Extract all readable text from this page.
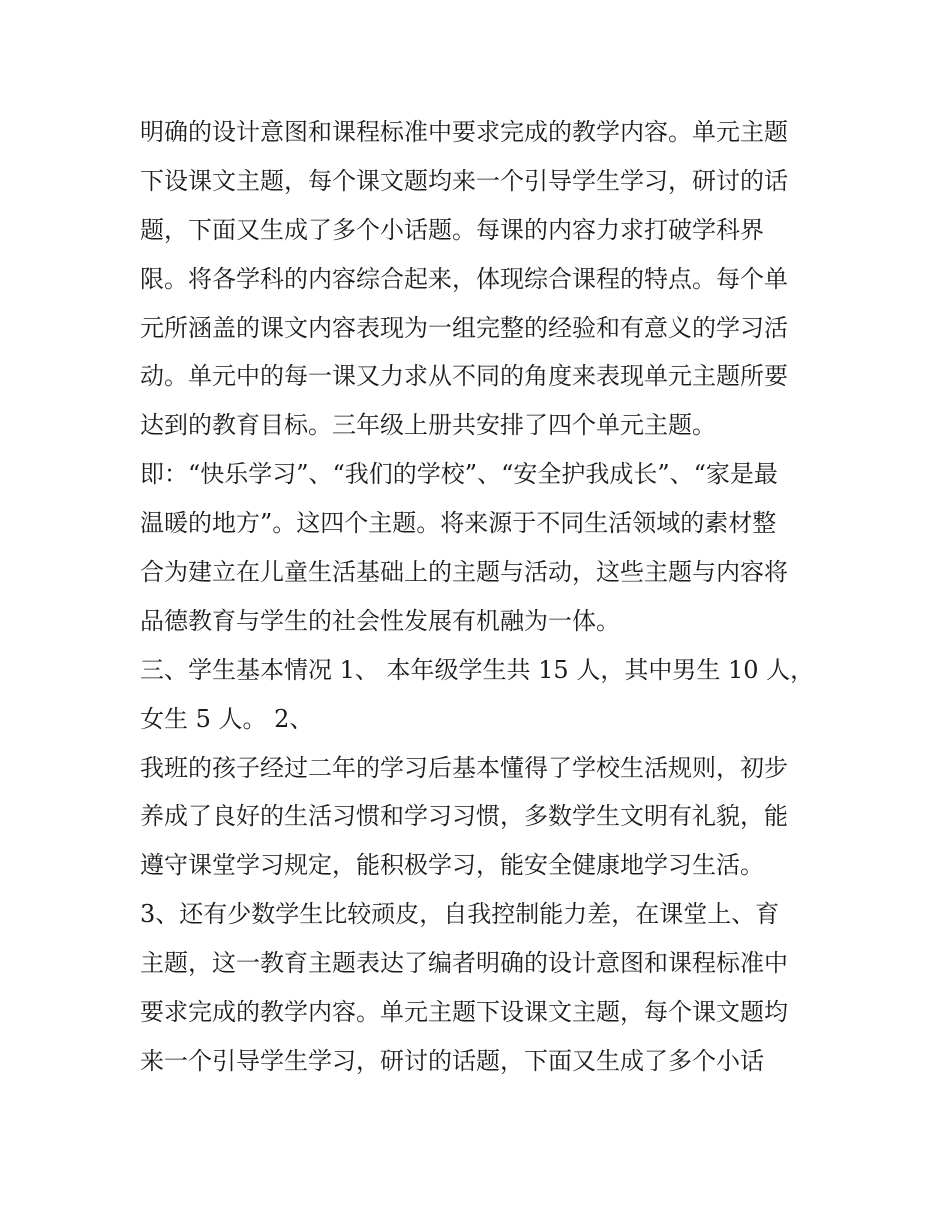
明确的设计意图和课程标准中要求完成的教学内容。单元主题
下设课文主题，每个课文题均来一个引导学生学习，研讨的话
题，下面又生成了多个小话题。每课的内容力求打破学科界
限。将各学科的内容综合起来，体现综合课程的特点。每个单
元所涵盖的课文内容表现为一组完整的经验和有意义的学习活
动。单元中的每一课又力求从不同的角度来表现单元主题所要
达到的教育目标。三年级上册共安排了四个单元主题。
即：“快乐学习”、“我们的学校”、“安全护我成长”、“家是最
温暖的地方”。这四个主题。将来源于不同生活领域的素材整
合为建立在儿童生活基础上的主题与活动，这些主题与内容将
品德教育与学生的社会性发展有机融为一体。
三、学生基本情况 1、 本年级学生共 15 人，其中男生 10 人，
女生 5 人。 2、
我班的孩子经过二年的学习后基本懂得了学校生活规则，初步
养成了良好的生活习惯和学习习惯，多数学生文明有礼貌，能
遵守课堂学习规定，能积极学习，能安全健康地学习生活。
3、还有少数学生比较顽皮，自我控制能力差，在课堂上、育
主题，这一教育主题表达了编者明确的设计意图和课程标准中
要求完成的教学内容。单元主题下设课文主题，每个课文题均
来一个引导学生学习，研讨的话题，下面又生成了多个小话
